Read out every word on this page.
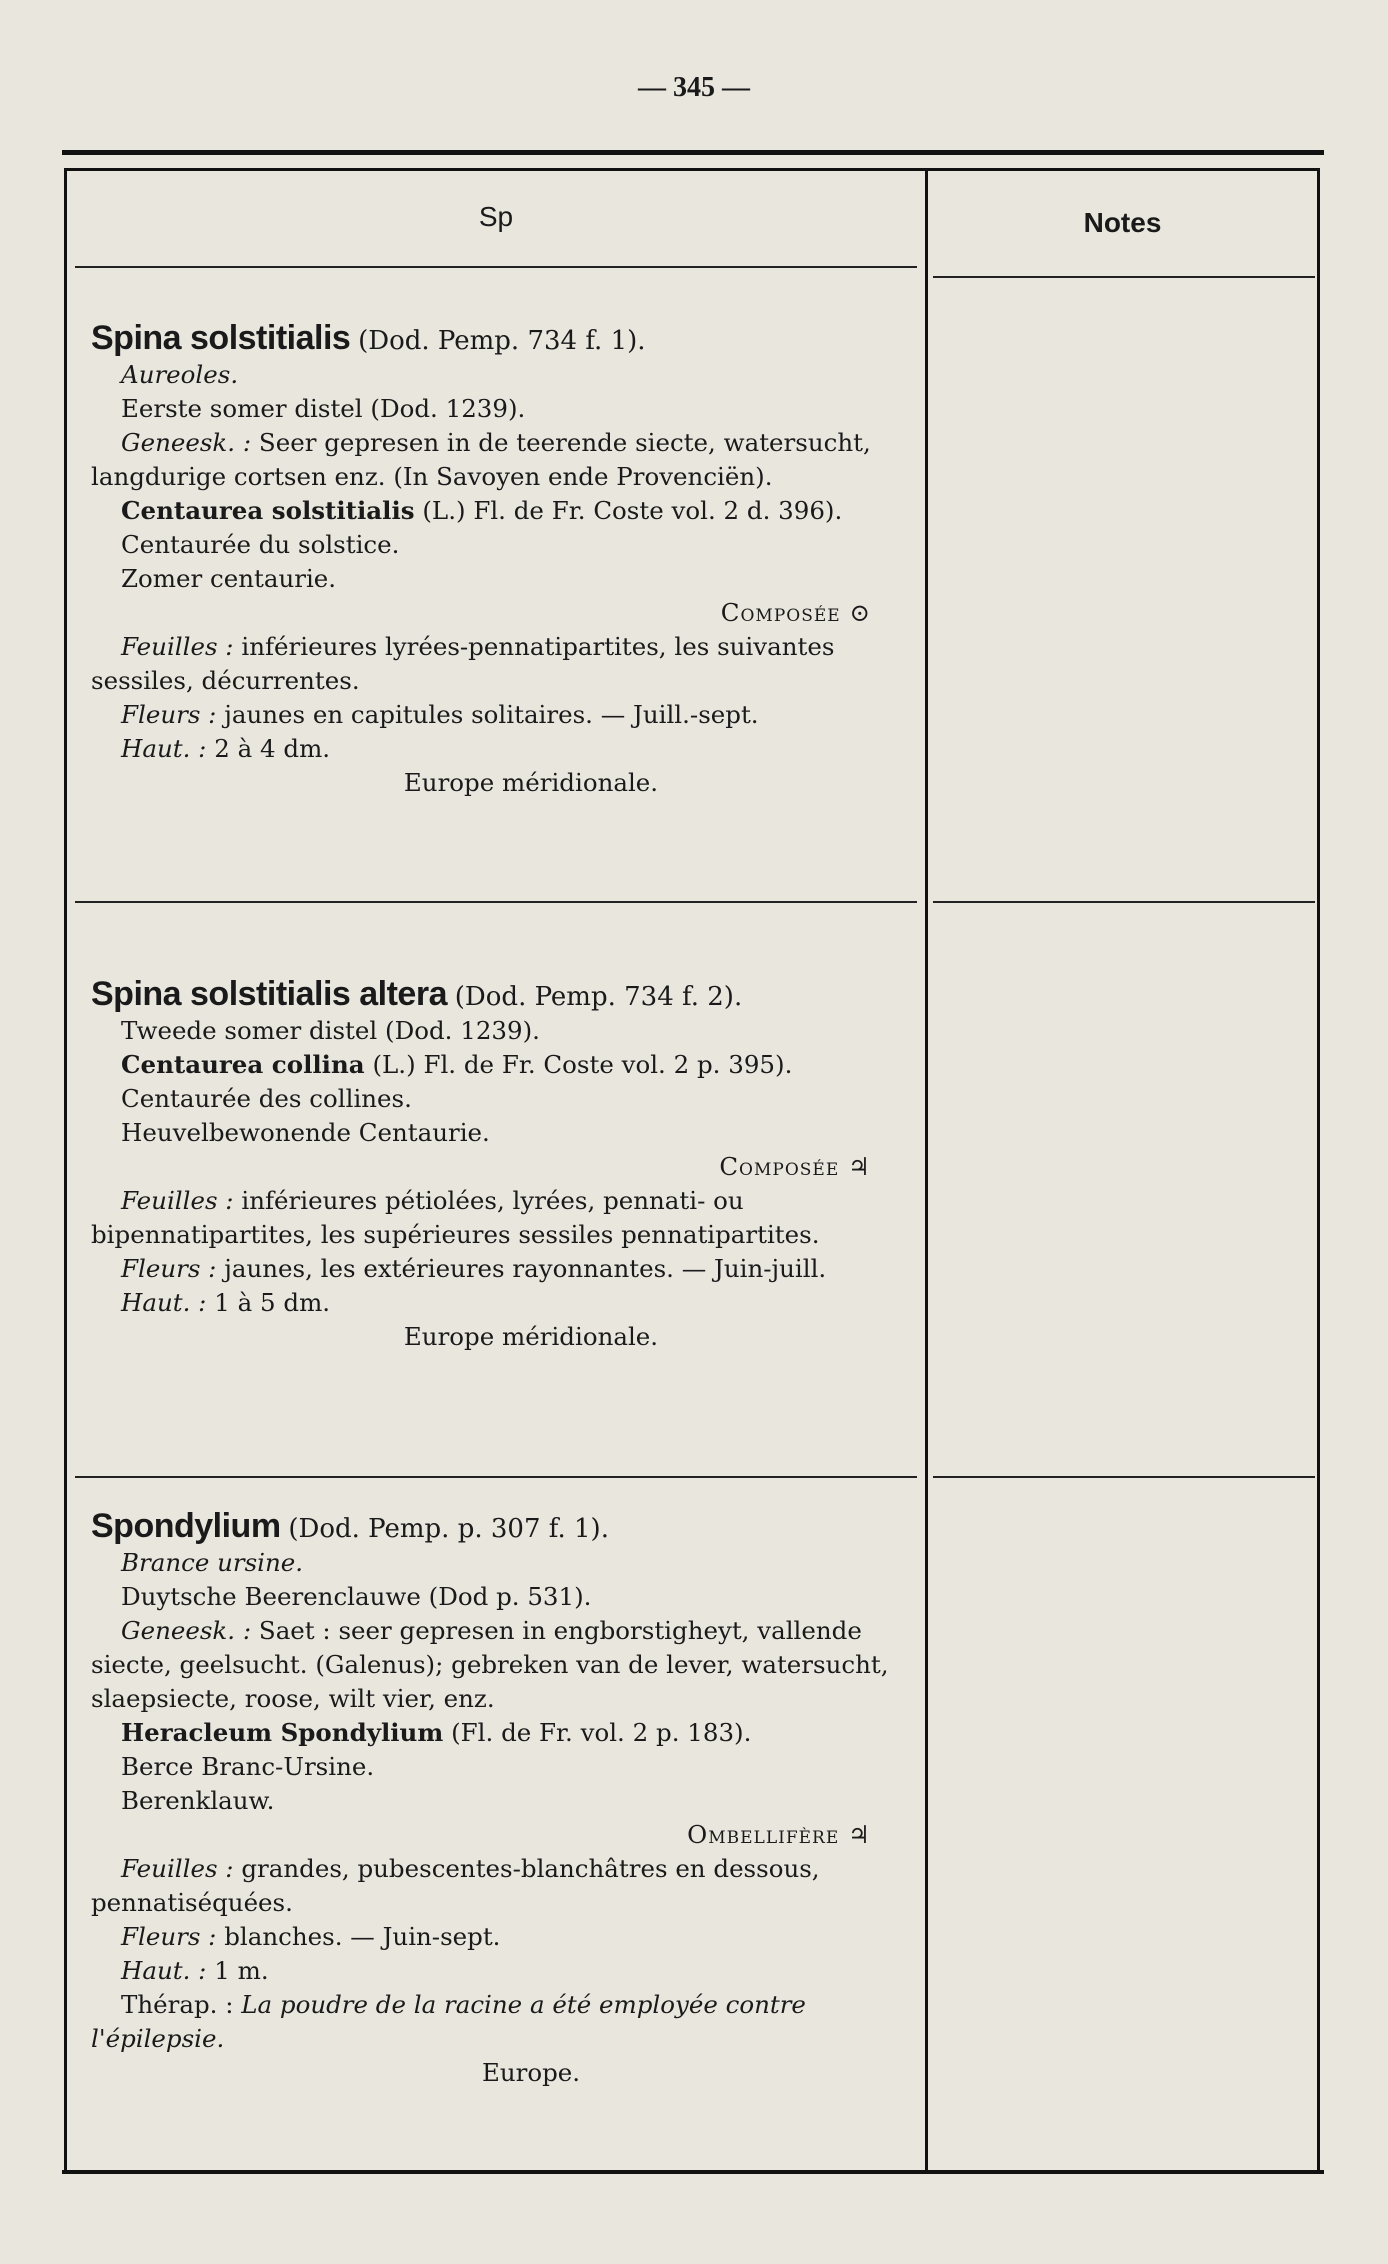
— 345 —
Sp	Notes

Spina solstitialis (Dod. Pemp. 734 f. 1).

Aureoles.

Eerste somer distel (Dod. 1239).

Geneesk. : Seer gepresen in de teerende siecte, watersucht, langdurige cortsen enz. (In Savoyen ende Provenciën).

Centaurea solstitialis (L.) Fl. de Fr. Coste vol. 2 d. 396).

Centaurée du solstice.

Zomer centaurie.

Composée ⊙

Feuilles : inférieures lyrées-pennatipartites, les suivantes sessiles, décurrentes.

Fleurs : jaunes en capitules solitaires. — Juill.-sept.

Haut. : 2 à 4 dm.

Europe méridionale.

Spina solstitialis altera (Dod. Pemp. 734 f. 2).

Tweede somer distel (Dod. 1239).

Centaurea collina (L.) Fl. de Fr. Coste vol. 2 p. 395).

Centaurée des collines.

Heuvelbewonende Centaurie.

Composée ♃

Feuilles : inférieures pétiolées, lyrées, pennati- ou bipennatipartites, les supérieures sessiles pennatipartites.

Fleurs : jaunes, les extérieures rayonnantes. — Juin-juill.

Haut. : 1 à 5 dm.

Europe méridionale.

Spondylium (Dod. Pemp. p. 307 f. 1).

Brance ursine.

Duytsche Beerenclauwe (Dod p. 531).

Geneesk. : Saet : seer gepresen in engborstigheyt, vallende siecte, geelsucht. (Galenus); gebreken van de lever, watersucht, slaepsiecte, roose, wilt vier, enz.

Heracleum Spondylium (Fl. de Fr. vol. 2 p. 183).

Berce Branc-Ursine.

Berenklauw.

Ombellifère ♃

Feuilles : grandes, pubescentes-blanchâtres en dessous, pennatiséquées.

Fleurs : blanches. — Juin-sept.

Haut. : 1 m.

Thérap. : La poudre de la racine a été employée contre l'épilepsie.

Europe.
